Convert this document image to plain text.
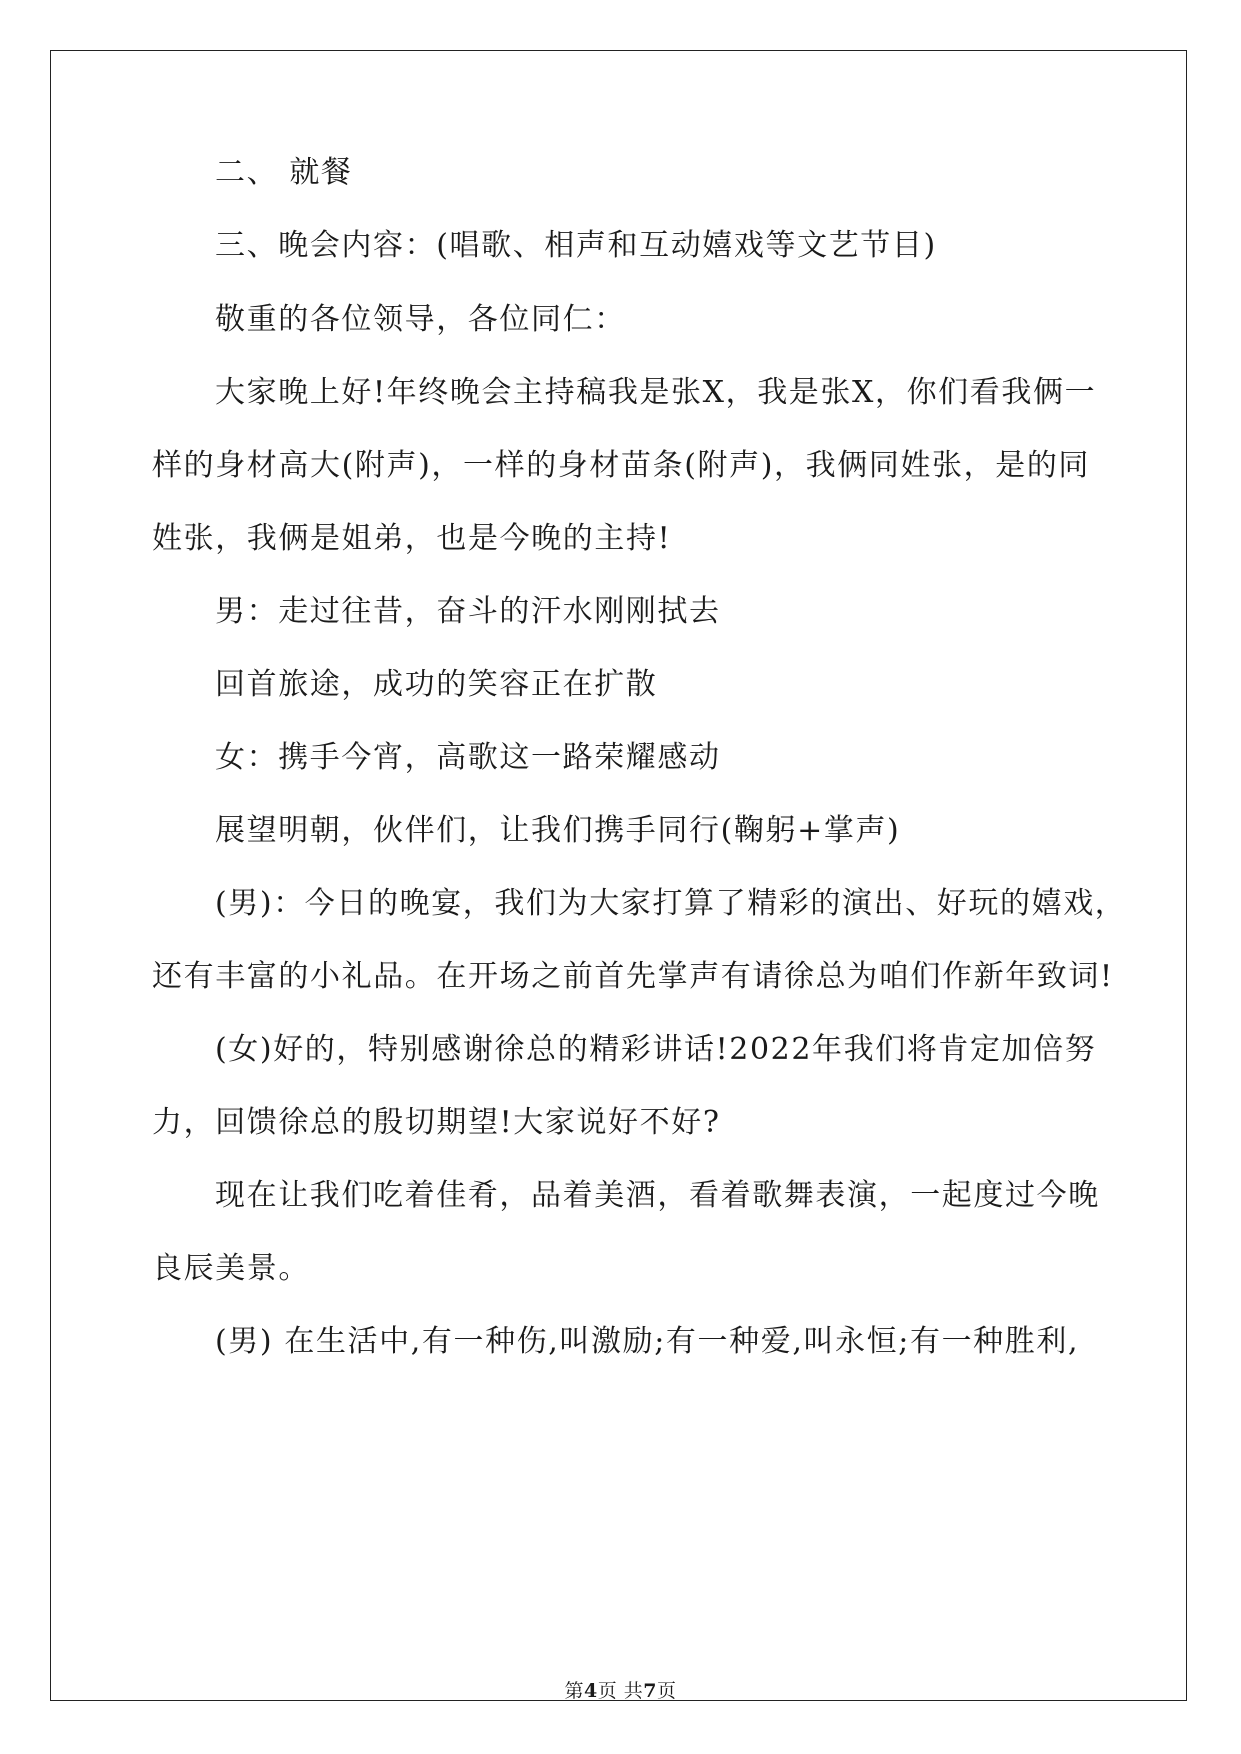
二、 就餐
三、晚会内容：(唱歌、相声和互动嬉戏等文艺节目)
敬重的各位领导，各位同仁：
大家晚上好!年终晚会主持稿我是张X，我是张X，你们看我俩一
样的身材高大(附声)，一样的身材苗条(附声)，我俩同姓张，是的同
姓张，我俩是姐弟，也是今晚的主持!
男：走过往昔，奋斗的汗水刚刚拭去
回首旅途，成功的笑容正在扩散
女：携手今宵，高歌这一路荣耀感动
展望明朝，伙伴们，让我们携手同行(鞠躬+掌声)
(男)：今日的晚宴，我们为大家打算了精彩的演出、好玩的嬉戏，
还有丰富的小礼品。在开场之前首先掌声有请徐总为咱们作新年致词!
(女)好的，特别感谢徐总的精彩讲话!2022年我们将肯定加倍努
力，回馈徐总的殷切期望!大家说好不好?
现在让我们吃着佳肴，品着美酒，看着歌舞表演，一起度过今晚
良辰美景。
(男) 在生活中,有一种伤,叫激励;有一种爱,叫永恒;有一种胜利,
第4页 共7页
